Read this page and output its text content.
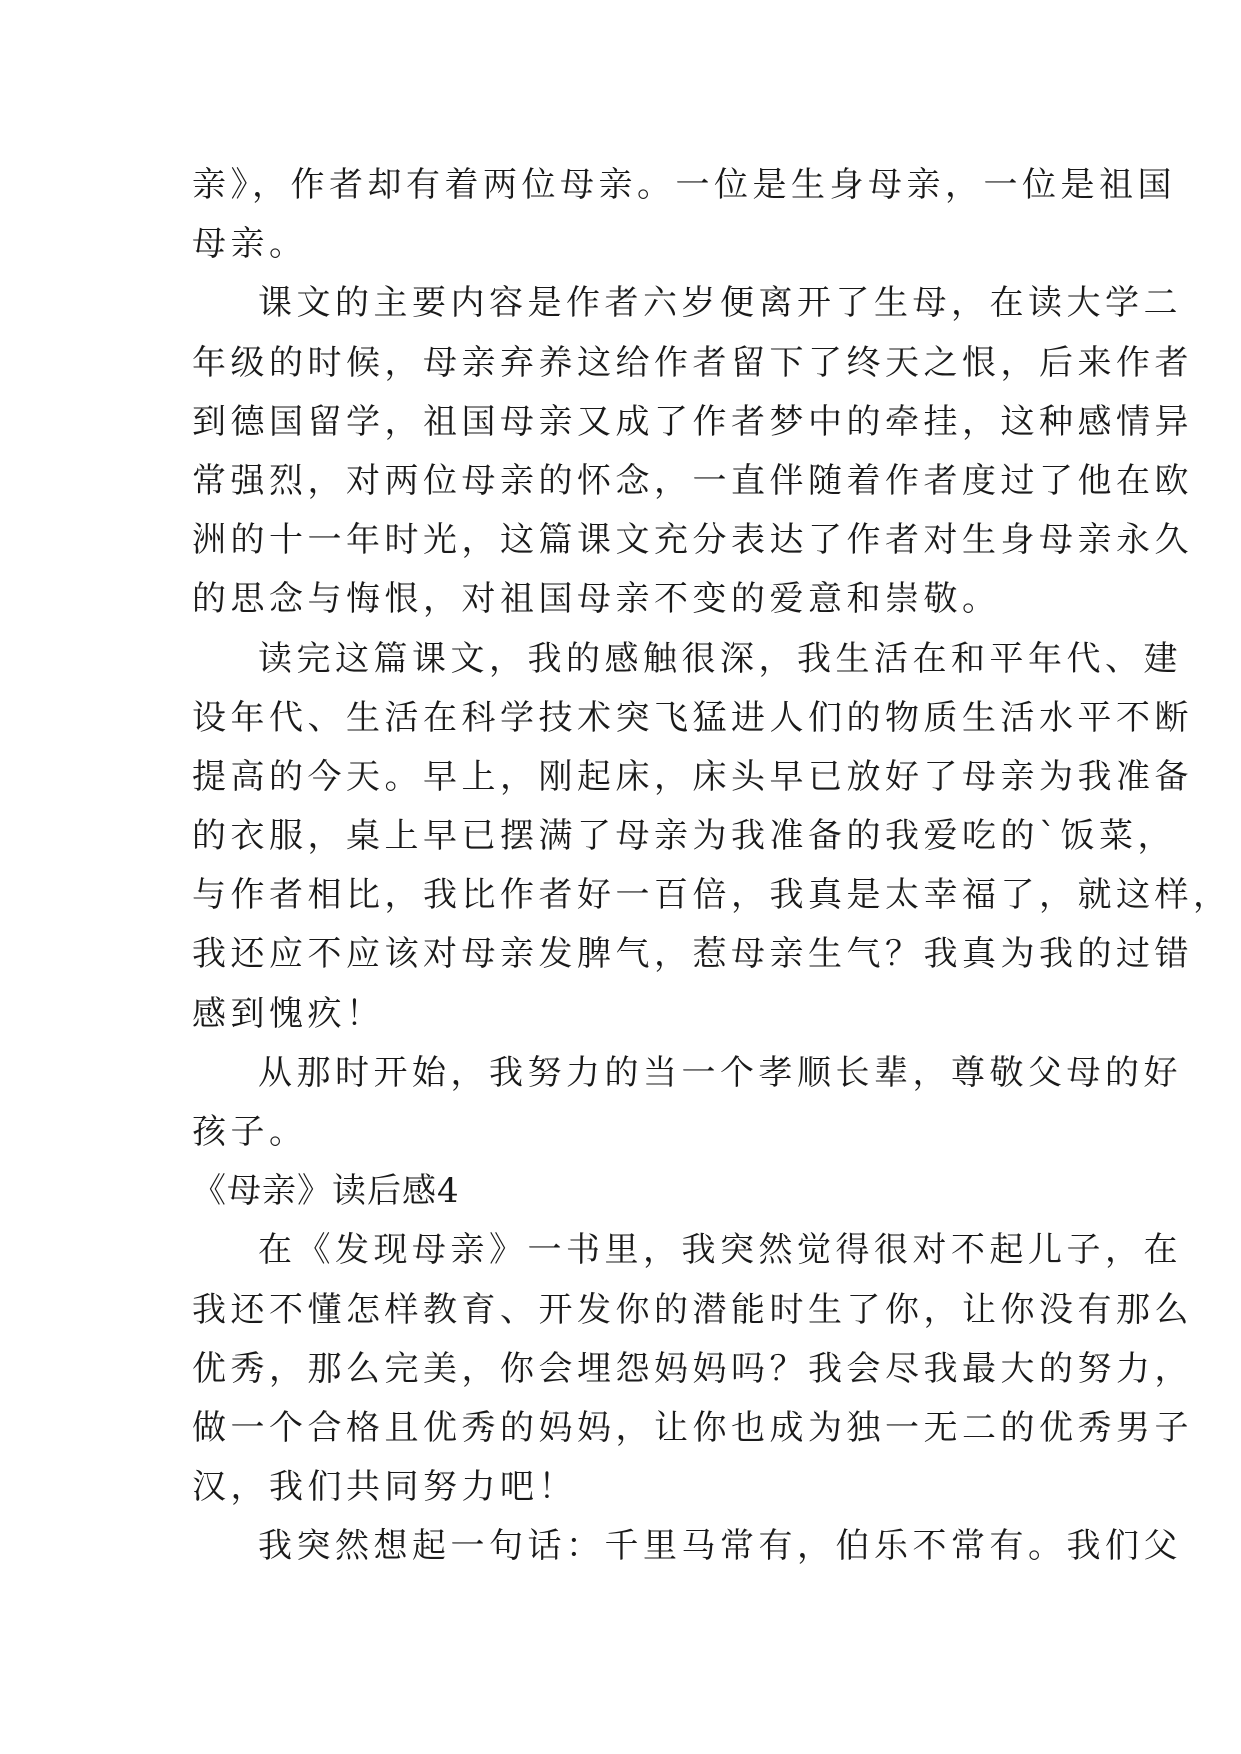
亲》，作者却有着两位母亲。一位是生身母亲，一位是祖国
母亲。
课文的主要内容是作者六岁便离开了生母，在读大学二
年级的时候，母亲弃养这给作者留下了终天之恨，后来作者
到德国留学，祖国母亲又成了作者梦中的牵挂，这种感情异
常强烈，对两位母亲的怀念，一直伴随着作者度过了他在欧
洲的十一年时光，这篇课文充分表达了作者对生身母亲永久
的思念与悔恨，对祖国母亲不变的爱意和崇敬。
读完这篇课文，我的感触很深，我生活在和平年代、建
设年代、生活在科学技术突飞猛进人们的物质生活水平不断
提高的今天。早上，刚起床，床头早已放好了母亲为我准备
的衣服，桌上早已摆满了母亲为我准备的我爱吃的`饭菜，
与作者相比，我比作者好一百倍，我真是太幸福了，就这样，
我还应不应该对母亲发脾气，惹母亲生气？我真为我的过错
感到愧疚！
从那时开始，我努力的当一个孝顺长辈，尊敬父母的好
孩子。
《母亲》读后感4
在《发现母亲》一书里，我突然觉得很对不起儿子，在
我还不懂怎样教育、开发你的潜能时生了你，让你没有那么
优秀，那么完美，你会埋怨妈妈吗？我会尽我最大的努力，
做一个合格且优秀的妈妈，让你也成为独一无二的优秀男子
汉，我们共同努力吧！
我突然想起一句话：千里马常有，伯乐不常有。我们父
